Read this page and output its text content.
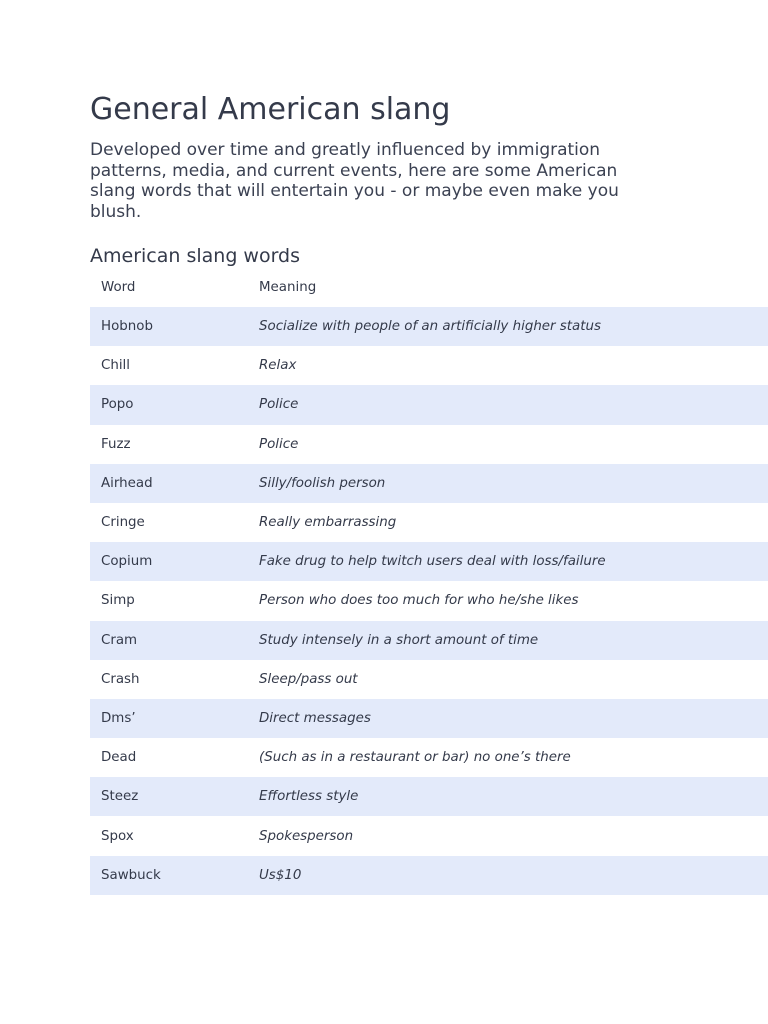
General American slang

Developed over time and greatly influenced by immigration patterns, media, and current events, here are some American slang words that will entertain you - or maybe even make you blush.

American slang words
Word	Meaning
Hobnob	Socialize with people of an artificially higher status
Chill	Relax
Popo	Police
Fuzz	Police
Airhead	Silly/foolish person
Cringe	Really embarrassing
Copium	Fake drug to help twitch users deal with loss/failure
Simp	Person who does too much for who he/she likes
Cram	Study intensely in a short amount of time
Crash	Sleep/pass out
Dms’	Direct messages
Dead	(Such as in a restaurant or bar) no one’s there
Steez	Effortless style
Spox	Spokesperson
Sawbuck	Us$10
